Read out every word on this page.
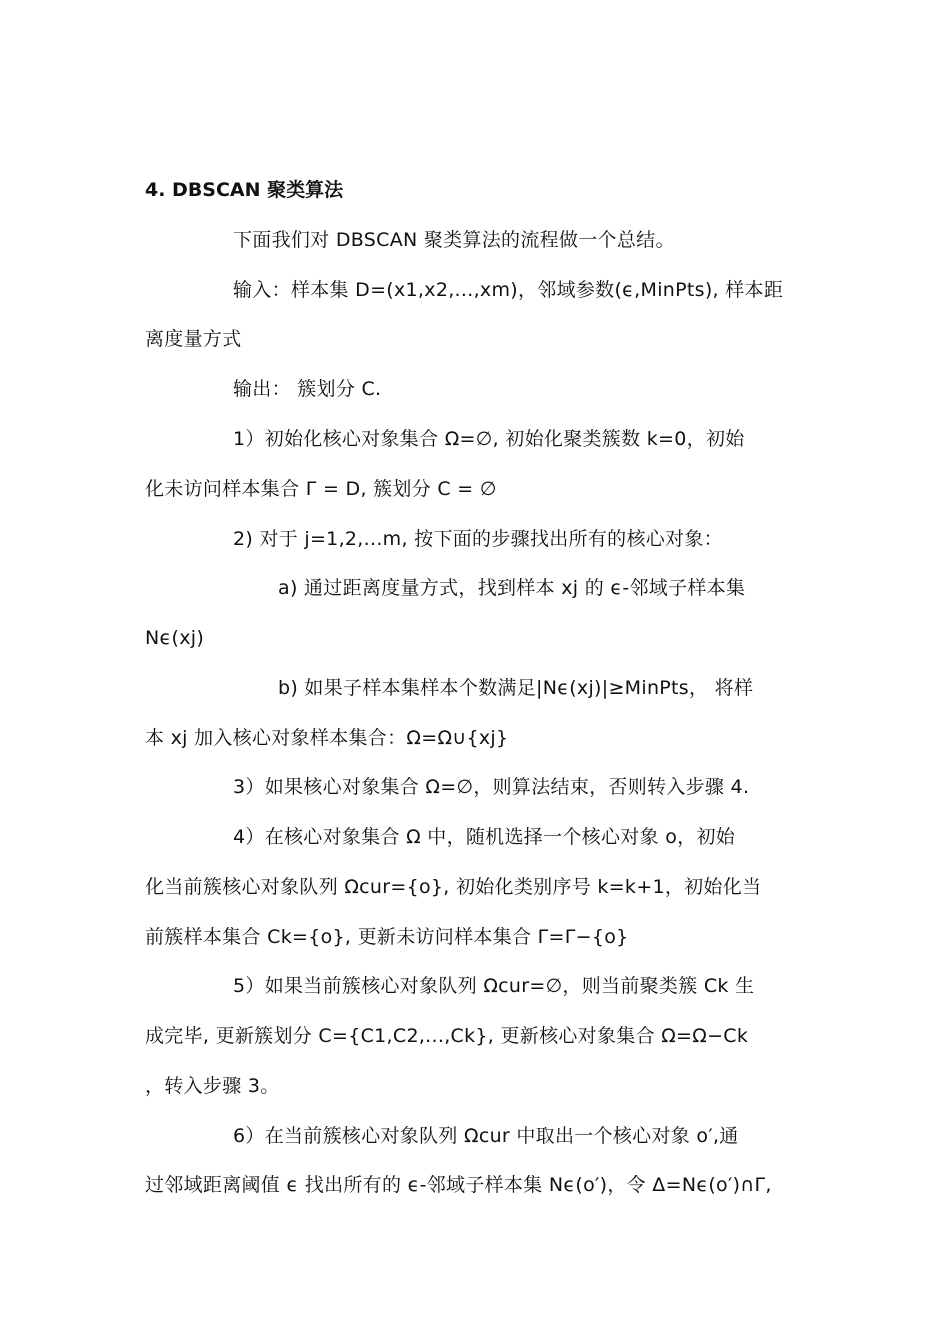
4. DBSCAN 聚类算法
下面我们对 DBSCAN 聚类算法的流程做一个总结。
输入：样本集 D=(x1,x2,...,xm)，邻域参数(ϵ,MinPts), 样本距
离度量方式
输出： 簇划分 C.
1）初始化核心对象集合 Ω=∅, 初始化聚类簇数 k=0，初始
化未访问样本集合 Γ = D, 簇划分 C = ∅
2) 对于 j=1,2,...m, 按下面的步骤找出所有的核心对象：
a) 通过距离度量方式，找到样本 xj 的 ϵ-邻域子样本集
Nϵ(xj)
b) 如果子样本集样本个数满足|Nϵ(xj)|≥MinPts， 将样
本 xj 加入核心对象样本集合：Ω=Ω∪{xj}
3）如果核心对象集合 Ω=∅，则算法结束，否则转入步骤 4.
4）在核心对象集合 Ω 中，随机选择一个核心对象 o，初始
化当前簇核心对象队列 Ωcur={o}, 初始化类别序号 k=k+1，初始化当
前簇样本集合 Ck={o}, 更新未访问样本集合 Γ=Γ−{o}
5）如果当前簇核心对象队列 Ωcur=∅，则当前聚类簇 Ck 生
成完毕, 更新簇划分 C={C1,C2,...,Ck}, 更新核心对象集合 Ω=Ω−Ck
，转入步骤 3。
6）在当前簇核心对象队列 Ωcur 中取出一个核心对象 o′,通
过邻域距离阈值 ϵ 找出所有的 ϵ-邻域子样本集 Nϵ(o′)，令 Δ=Nϵ(o′)∩Γ,
